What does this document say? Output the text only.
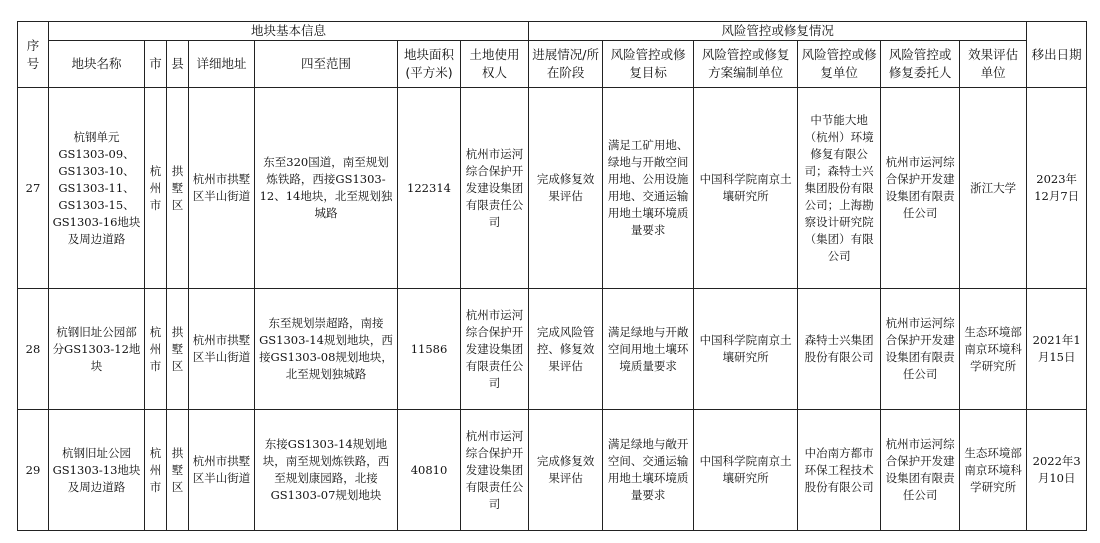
序号	地块基本信息							风险管控或修复情况						移出日期
	地块名称	市	县	详细地址	四至范围	地块面积(平方米)	土地使用权人	进展情况/所在阶段	风险管控或修复目标	风险管控或修复方案编制单位	风险管控或修复单位	风险管控或修复委托人	效果评估单位	
27	杭钢单元GS1303-09、GS1303-10、GS1303-11、GS1303-15、GS1303-16地块及周边道路	杭州市	拱墅区	杭州市拱墅区半山街道	东至320国道，南至规划炼铁路，西接GS1303-12、14地块，北至规划独城路	122314	杭州市运河综合保护开发建设集团有限责任公司	完成修复效果评估	满足工矿用地、绿地与开敞空间用地、公用设施用地、交通运输用地土壤环境质量要求	中国科学院南京土壤研究所	中节能大地（杭州）环境修复有限公司；森特士兴集团股份有限公司；上海勘察设计研究院（集团）有限公司	杭州市运河综合保护开发建设集团有限责任公司	浙江大学	2023年12月7日
28	杭钢旧址公园部分GS1303-12地块	杭州市	拱墅区	杭州市拱墅区半山街道	东至规划崇超路，南接GS1303-14规划地块，西接GS1303-08规划地块，北至规划独城路	11586	杭州市运河综合保护开发建设集团有限责任公司	完成风险管控、修复效果评估	满足绿地与开敞空间用地土壤环境质量要求	中国科学院南京土壤研究所	森特士兴集团股份有限公司	杭州市运河综合保护开发建设集团有限责任公司	生态环境部南京环境科学研究所	2021年1月15日
29	杭钢旧址公园GS1303-13地块及周边道路	杭州市	拱墅区	杭州市拱墅区半山街道	东接GS1303-14规划地块，南至规划炼铁路，西至规划康园路，北接GS1303-07规划地块	40810	杭州市运河综合保护开发建设集团有限责任公司	完成修复效果评估	满足绿地与敞开空间、交通运输用地土壤环境质量要求	中国科学院南京土壤研究所	中冶南方都市环保工程技术股份有限公司	杭州市运河综合保护开发建设集团有限责任公司	生态环境部南京环境科学研究所	2022年3月10日
